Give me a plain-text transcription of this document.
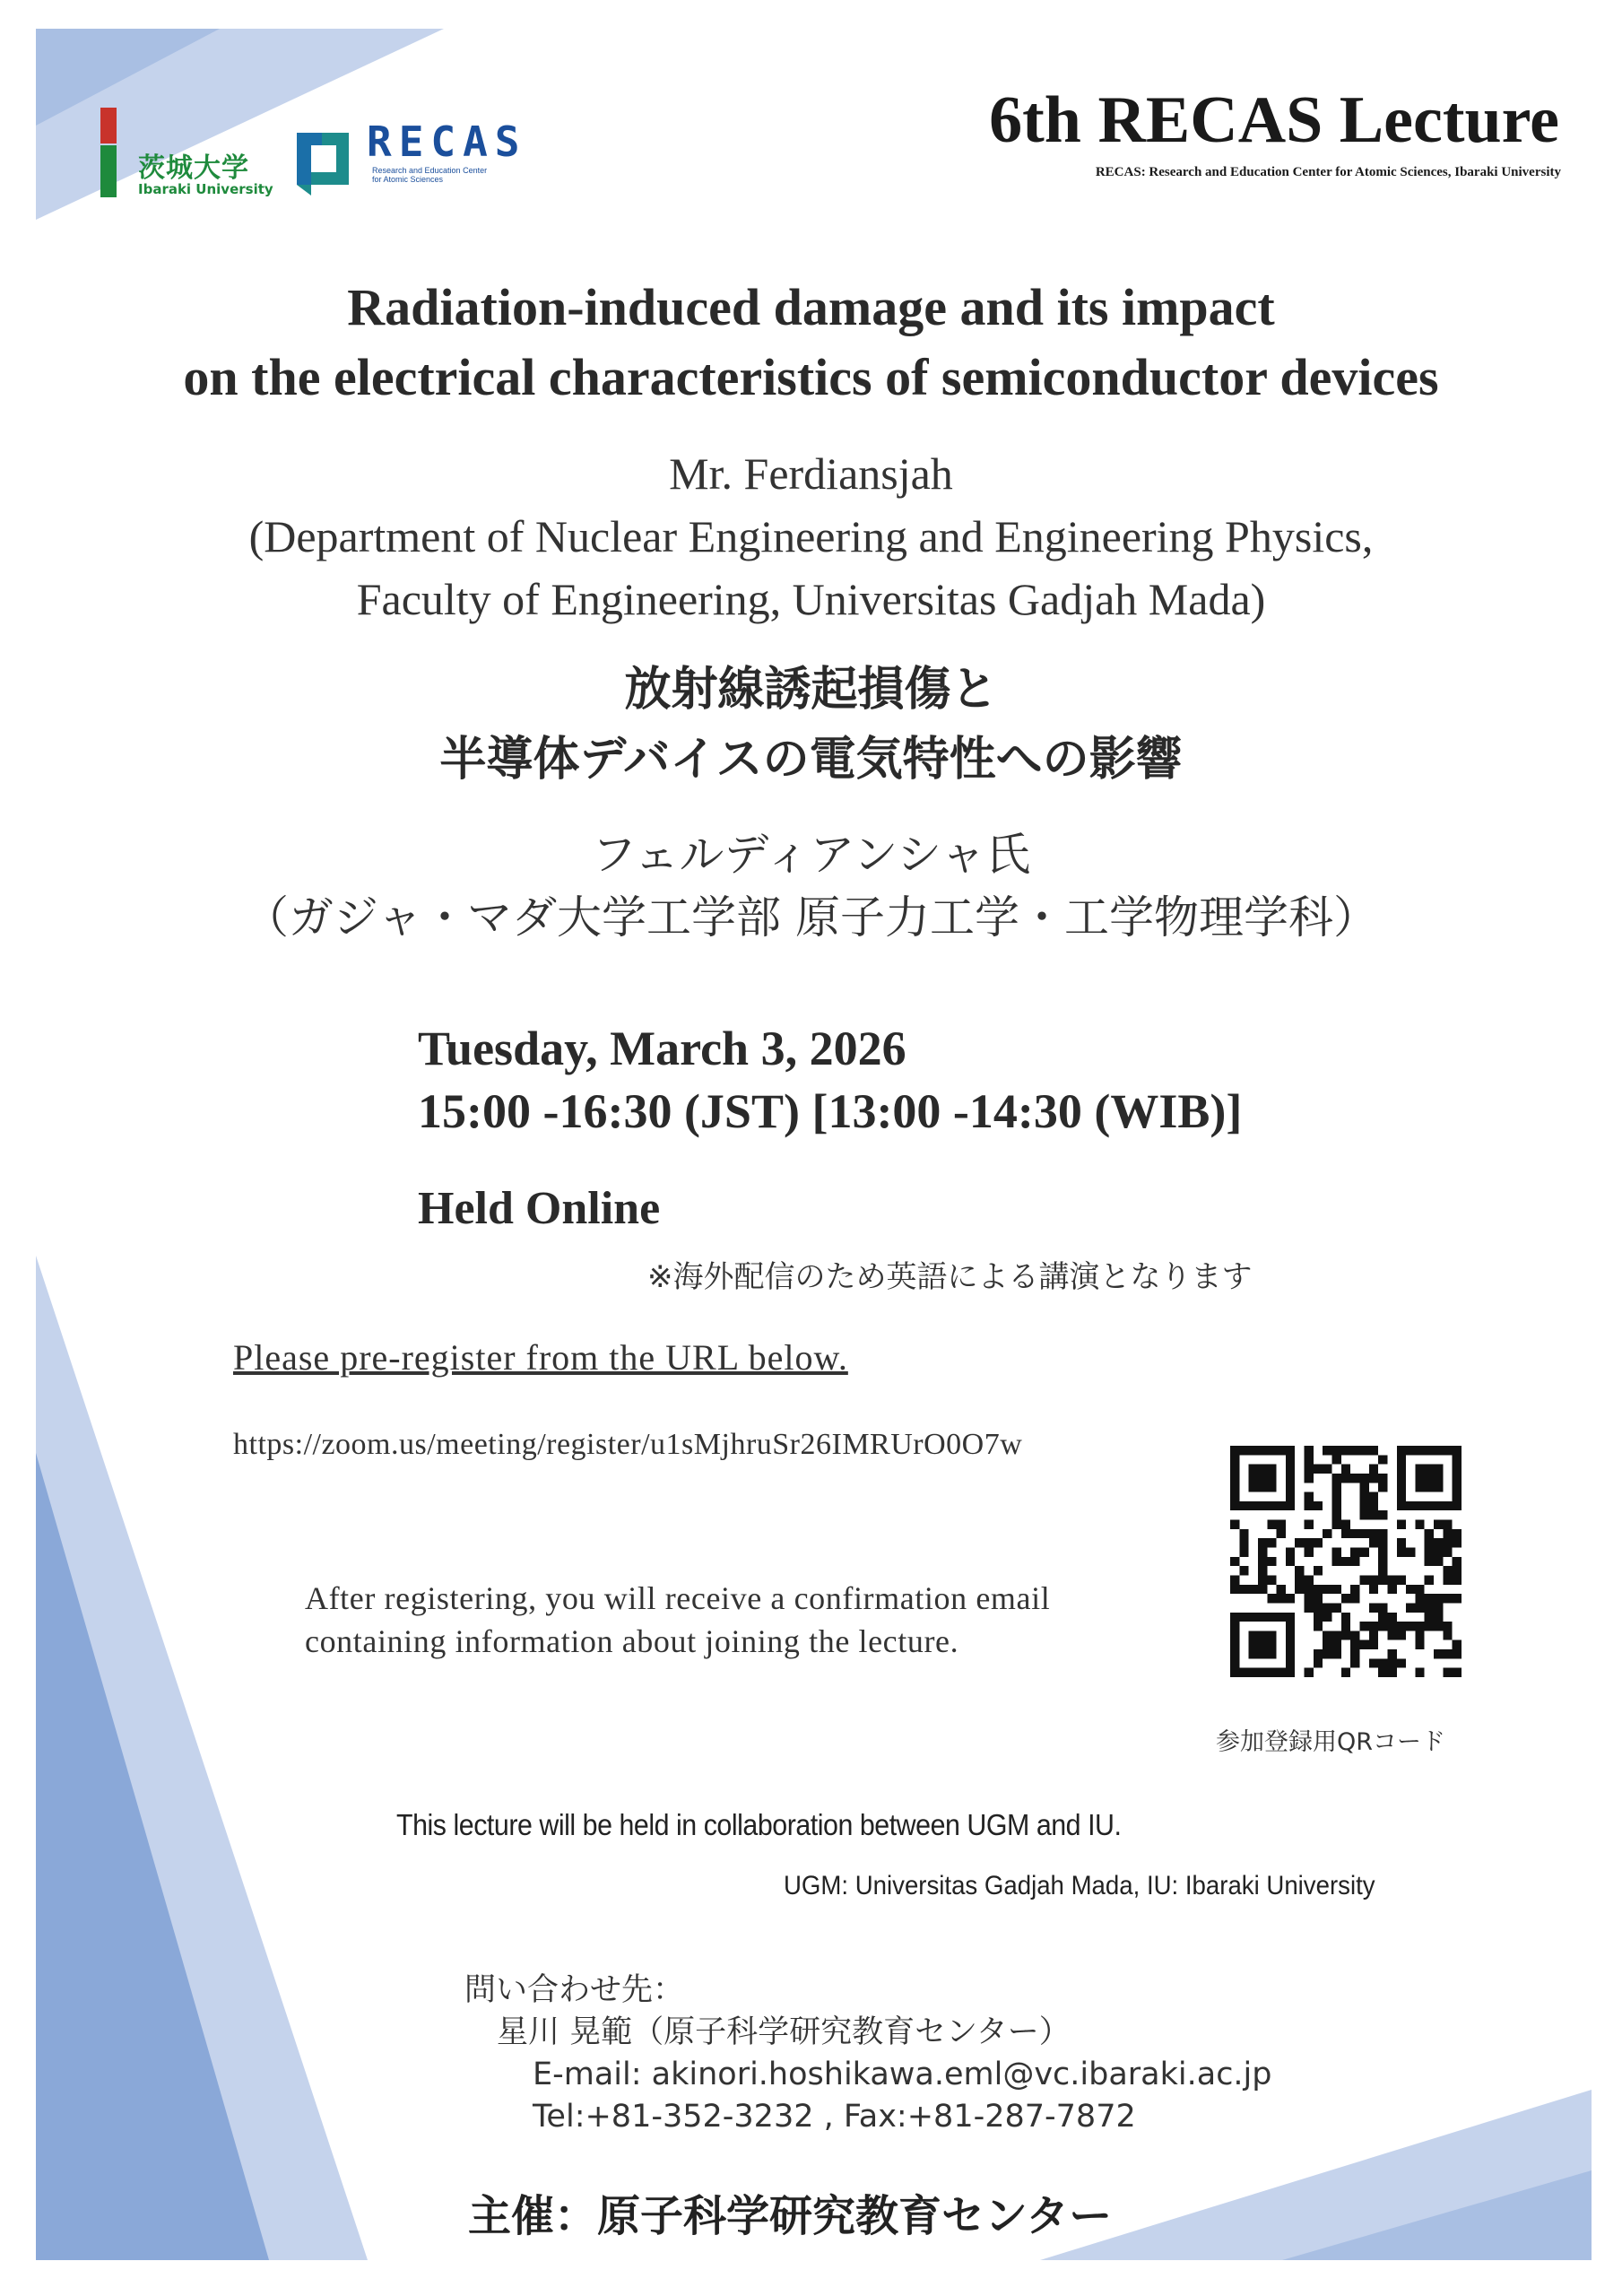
茨城大学
Ibaraki University
RECAS
Research and Education Center
for Atomic Sciences
6th RECAS Lecture
RECAS: Research and Education Center for Atomic Sciences, Ibaraki University
Radiation-induced damage and its impact
on the electrical characteristics of semiconductor devices
Mr. Ferdiansjah
(Department of Nuclear Engineering and Engineering Physics,
Faculty of Engineering, Universitas Gadjah Mada)
放射線誘起損傷と
半導体デバイスの電気特性への影響
フェルディアンシャ氏
（ガジャ・マダ大学工学部 原子力工学・工学物理学科）
Tuesday, March 3, 2026
15:00 -16:30 (JST) [13:00 -14:30 (WIB)]
Held Online
※海外配信のため英語による講演となります
Please pre-register from the URL below.
https://zoom.us/meeting/register/u1sMjhruSr26IMRUrO0O7w
After registering, you will receive a confirmation email
containing information about joining the lecture.
参加登録用QRコード
This lecture will be held in collaboration between UGM and IU.
UGM: Universitas Gadjah Mada, IU: Ibaraki University
問い合わせ先：
星川 晃範（原子科学研究教育センター）
E-mail: akinori.hoshikawa.eml@vc.ibaraki.ac.jp
Tel:+81-352-3232 , Fax:+81-287-7872
主催：原子科学研究教育センター
